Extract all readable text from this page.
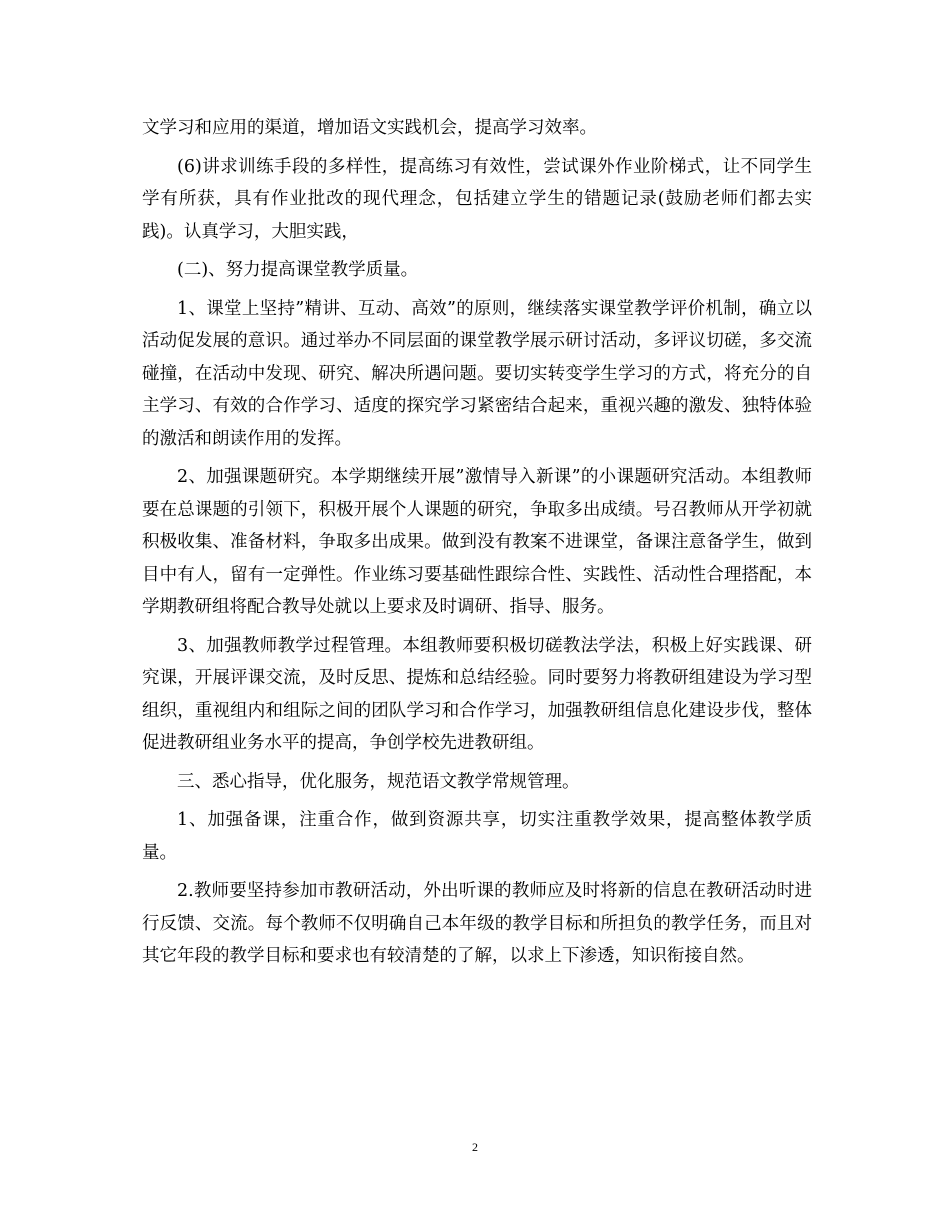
文学习和应用的渠道，增加语文实践机会，提高学习效率。

(6)讲求训练手段的多样性，提高练习有效性，尝试课外作业阶梯式，让不同学生学有所获，具有作业批改的现代理念，包括建立学生的错题记录(鼓励老师们都去实践)。认真学习，大胆实践，

(二)、努力提高课堂教学质量。

1、课堂上坚持”精讲、互动、高效”的原则，继续落实课堂教学评价机制，确立以活动促发展的意识。通过举办不同层面的课堂教学展示研讨活动，多评议切磋，多交流碰撞，在活动中发现、研究、解决所遇问题。要切实转变学生学习的方式，将充分的自主学习、有效的合作学习、适度的探究学习紧密结合起来，重视兴趣的激发、独特体验的激活和朗读作用的发挥。

2、加强课题研究。本学期继续开展”激情导入新课”的小课题研究活动。本组教师要在总课题的引领下，积极开展个人课题的研究，争取多出成绩。号召教师从开学初就积极收集、准备材料，争取多出成果。做到没有教案不进课堂，备课注意备学生，做到目中有人，留有一定弹性。作业练习要基础性跟综合性、实践性、活动性合理搭配，本学期教研组将配合教导处就以上要求及时调研、指导、服务。

3、加强教师教学过程管理。本组教师要积极切磋教法学法，积极上好实践课、研究课，开展评课交流，及时反思、提炼和总结经验。同时要努力将教研组建设为学习型组织，重视组内和组际之间的团队学习和合作学习，加强教研组信息化建设步伐，整体促进教研组业务水平的提高，争创学校先进教研组。

三、悉心指导，优化服务，规范语文教学常规管理。

1、加强备课，注重合作，做到资源共享，切实注重教学效果，提高整体教学质量。

2.教师要坚持参加市教研活动，外出听课的教师应及时将新的信息在教研活动时进行反馈、交流。每个教师不仅明确自己本年级的教学目标和所担负的教学任务，而且对其它年段的教学目标和要求也有较清楚的了解，以求上下渗透，知识衔接自然。

2
